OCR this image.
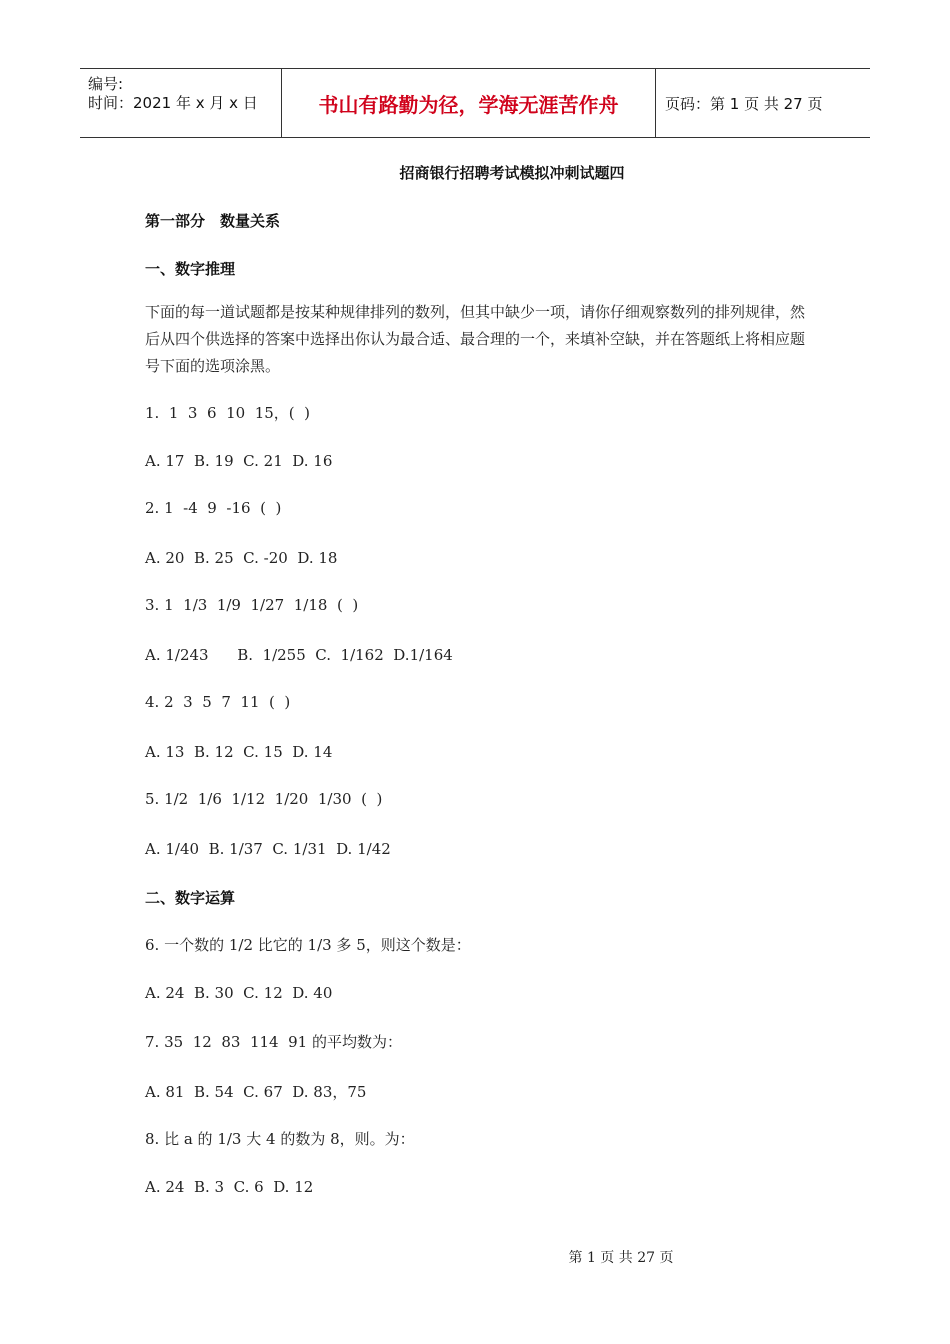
编号:
时间：2021 年 x 月 x 日	书山有路勤为径，学海无涯苦作舟	页码：第 1 页 共 27 页
招商银行招聘考试模拟冲刺试题四
第一部分　数量关系
一、数字推理
下面的每一道试题都是按某种规律排列的数列，但其中缺少一项，请你仔细观察数列的排列规律，然后从四个供选择的答案中选择出你认为最合适、最合理的一个，来填补空缺，并在答题纸上将相应题号下面的选项涂黑。
1.  1  3  6  10  15，(  )
A. 17  B. 19  C. 21  D. 16
2. 1  -4  9  -16  (  )
A. 20  B. 25  C. -20  D. 18
3. 1  1/3  1/9  1/27  1/18  (  )
A. 1/243      B.  1/255  C.  1/162  D.1/164
4. 2  3  5  7  11  (  )
A. 13  B. 12  C. 15  D. 14
5. 1/2  1/6  1/12  1/20  1/30  (  )
A. 1/40  B. 1/37  C. 1/31  D. 1/42
二、数字运算
6. 一个数的 1/2 比它的 1/3 多 5，则这个数是：
A. 24  B. 30  C. 12  D. 40
7. 35  12  83  114  91 的平均数为：
A. 81  B. 54  C. 67  D. 83，75
8. 比 a 的 1/3 大 4 的数为 8，则。为：
A. 24  B. 3  C. 6  D. 12
第 1 页 共 27 页
